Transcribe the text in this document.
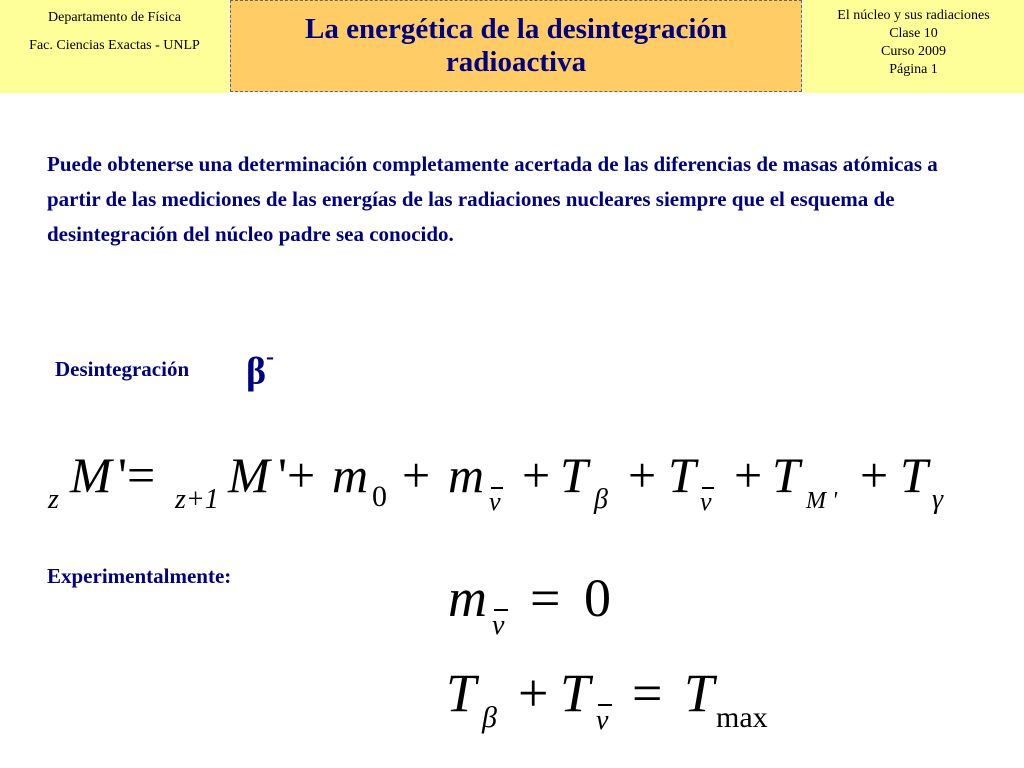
Departamento de Física
Fac. Ciencias Exactas - UNLP
La energética de la desintegración
radioactiva
El núcleo y sus radiaciones
Clase 10
Curso 2009
Página 1
Puede obtenerse una determinación completamente acertada de las diferencias de masas atómicas a partir de las mediciones de las energías de las radiaciones nucleares siempre que el esquema de desintegración del núcleo padre sea conocido.
Desintegración β-
z M '= z+1 M '+ m 0 + m ν + T β + T ν + T M ' + T γ
Experimentalmente:	m ν = 0
T β + T ν = T max
